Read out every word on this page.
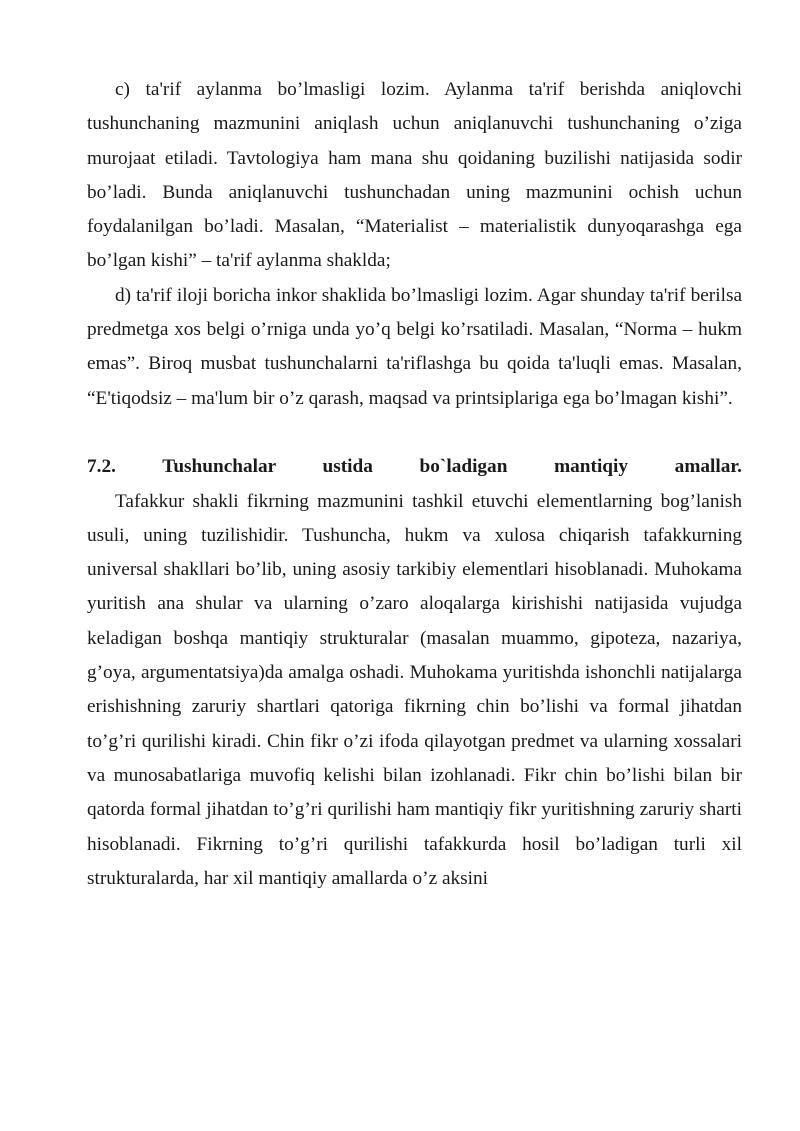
c) ta'rif aylanma bo’lmasligi lozim. Aylanma ta'rif berishda aniqlovchi tushunchaning mazmunini aniqlash uchun aniqlanuvchi tushunchaning o’ziga murojaat etiladi. Tavtologiya ham mana shu qoidaning buzilishi natijasida sodir bo’ladi. Bunda aniqlanuvchi tushunchadan uning mazmunini ochish uchun foydalanilgan bo’ladi. Masalan, “Materialist – materialistik dunyoqarashga ega bo’lgan kishi” – ta'rif aylanma shaklda;

d) ta'rif iloji boricha inkor shaklida bo’lmasligi lozim. Agar shunday ta'rif berilsa predmetga xos belgi o’rniga unda yo’q belgi ko’rsatiladi. Masalan, “Norma – hukm emas”. Biroq musbat tushunchalarni ta'riflashga bu qoida ta'luqli emas. Masalan, “E'tiqodsiz – ma'lum bir o’z qarash, maqsad va printsiplariga ega bo’lmagan kishi”.

7.2. Tushunchalar ustida bo`ladigan mantiqiy amallar.

Tafakkur shakli fikrning mazmunini tashkil etuvchi elementlarning bog’lanish usuli, uning tuzilishidir. Tushuncha, hukm va xulosa chiqarish tafakkurning universal shakllari bo’lib, uning asosiy tarkibiy elementlari hisoblanadi. Muhokama yuritish ana shular va ularning o’zaro aloqalarga kirishishi natijasida vujudga keladigan boshqa mantiqiy strukturalar (masalan muammo, gipoteza, nazariya, g’oya, argumentatsiya)da amalga oshadi. Muhokama yuritishda ishonchli natijalarga erishishning zaruriy shartlari qatoriga fikrning chin bo’lishi va formal jihatdan to’g’ri qurilishi kiradi. Chin fikr o’zi ifoda qilayotgan predmet va ularning xossalari va munosabatlariga muvofiq kelishi bilan izohlanadi. Fikr chin bo’lishi bilan bir qatorda formal jihatdan to’g’ri qurilishi ham mantiqiy fikr yuritishning zaruriy sharti hisoblanadi. Fikrning to’g’ri qurilishi tafakkurda hosil bo’ladigan turli xil strukturalarda, har xil mantiqiy amallarda o’z aksini
